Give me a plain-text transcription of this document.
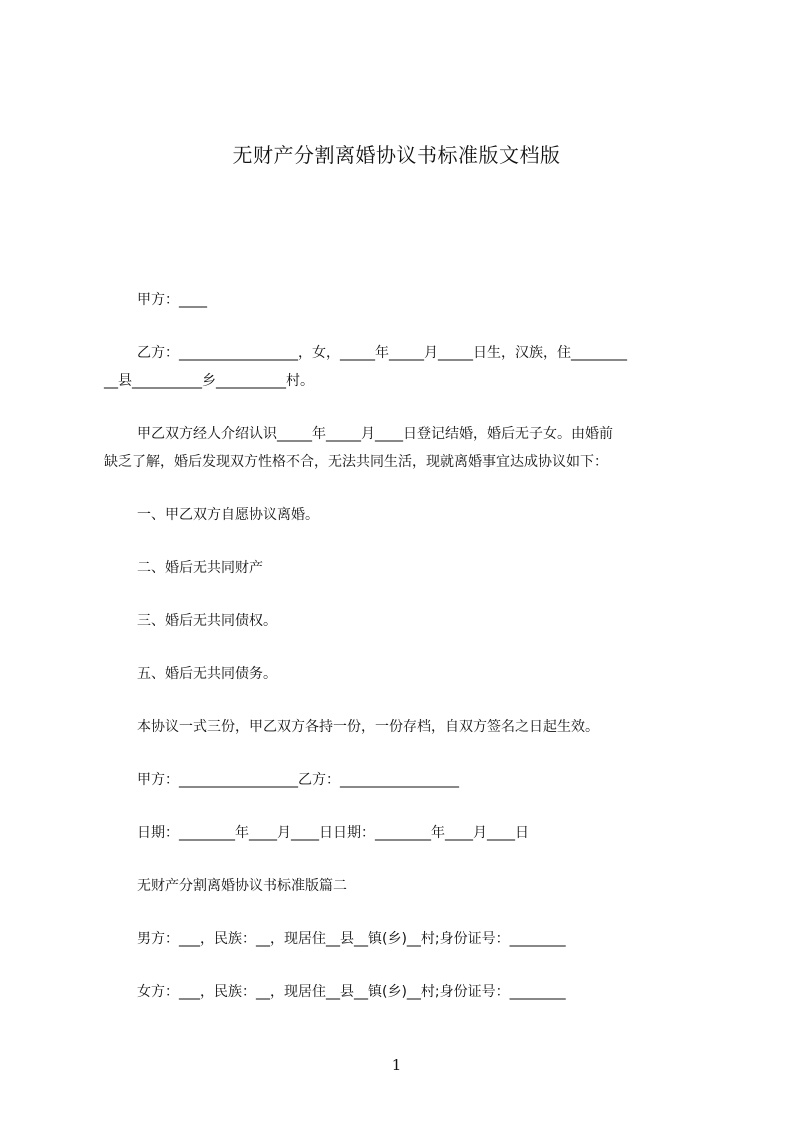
无财产分割离婚协议书标准版文档版
甲方：____
乙方：_________________，女，_____年_____月_____日生，汉族，住________
__县__________乡__________村。
甲乙双方经人介绍认识_____年_____月____日登记结婚，婚后无子女。由婚前
缺乏了解，婚后发现双方性格不合，无法共同生活，现就离婚事宜达成协议如下：
一、甲乙双方自愿协议离婚。
二、婚后无共同财产
三、婚后无共同债权。
五、婚后无共同债务。
本协议一式三份，甲乙双方各持一份，一份存档，自双方签名之日起生效。
甲方：_________________乙方：_________________
日期：________年____月____日日期：________年____月____日
无财产分割离婚协议书标准版篇二
男方：___，民族：__，现居住__县__镇(乡)__村;身份证号：________
女方：___，民族：__，现居住__县__镇(乡)__村;身份证号：________
1
